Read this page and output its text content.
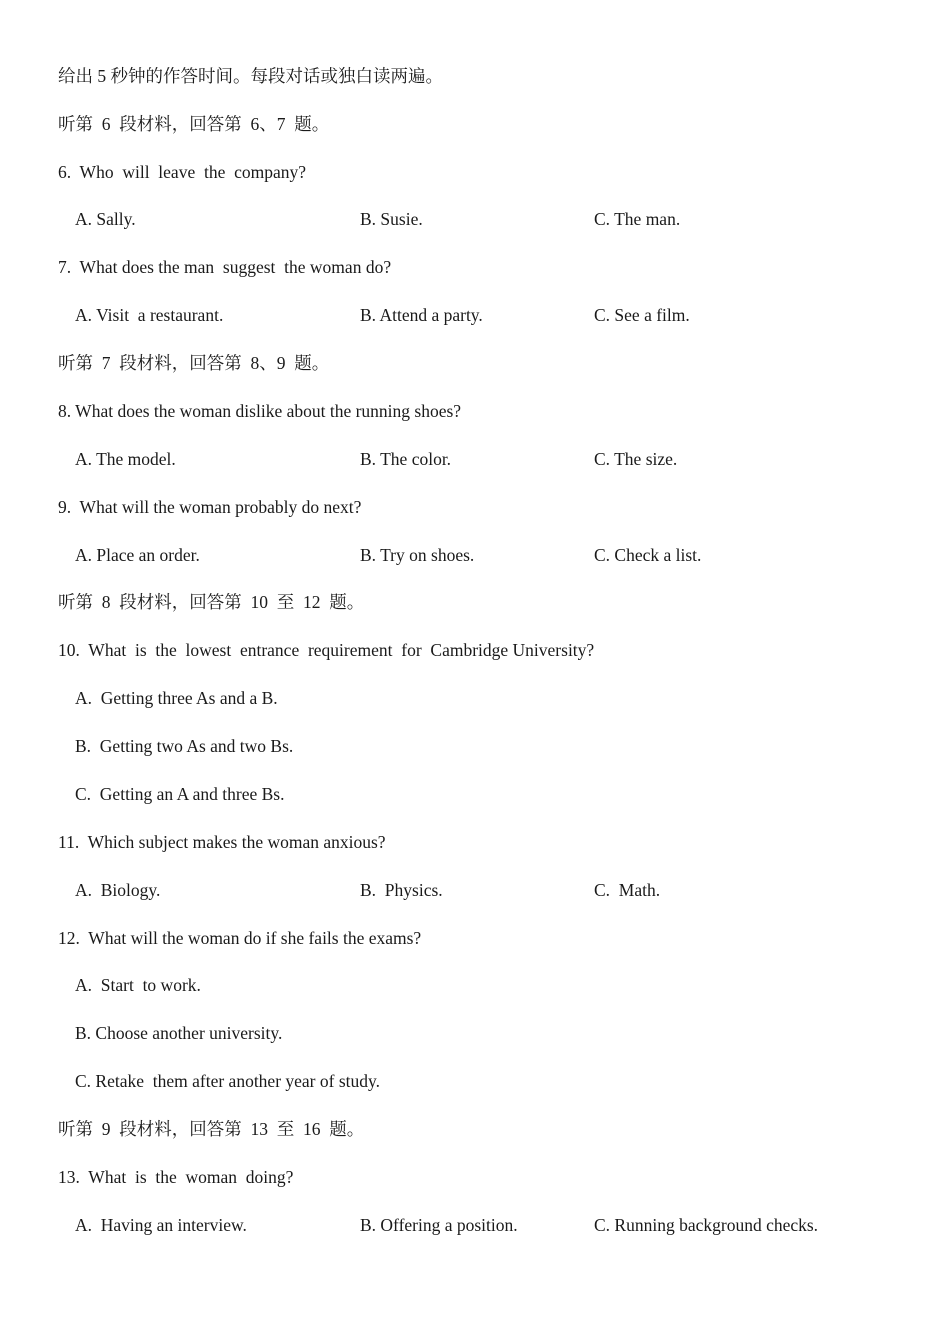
给出 5 秒钟的作答时间。每段对话或独白读两遍。
听第  6  段材料，回答第  6、7  题。
6.  Who  will  leave  the  company?
A. Sally.	B. Susie.	C. The man.
7.  What does the man  suggest  the woman do?
A. Visit  a restaurant.	B. Attend a party.	C. See a film.
听第  7  段材料，回答第  8、9  题。
8. What does the woman dislike about the running shoes?
A. The model.	B. The color.	C. The size.
9.  What will the woman probably do next?
A. Place an order.	B. Try on shoes.	C. Check a list.
听第  8  段材料，回答第  10  至  12  题。
10.  What  is  the  lowest  entrance  requirement  for  Cambridge University?
A.  Getting three As and a B.
B.  Getting two As and two Bs.
C.  Getting an A and three Bs.
11.  Which subject makes the woman anxious?
A.  Biology.	B.  Physics.	C.  Math.
12.  What will the woman do if she fails the exams?
A.  Start  to work.
B. Choose another university.
C. Retake  them after another year of study.
听第  9  段材料，回答第  13  至  16  题。
13.  What  is  the  woman  doing?
A.  Having an interview.	B. Offering a position.	C. Running background checks.
